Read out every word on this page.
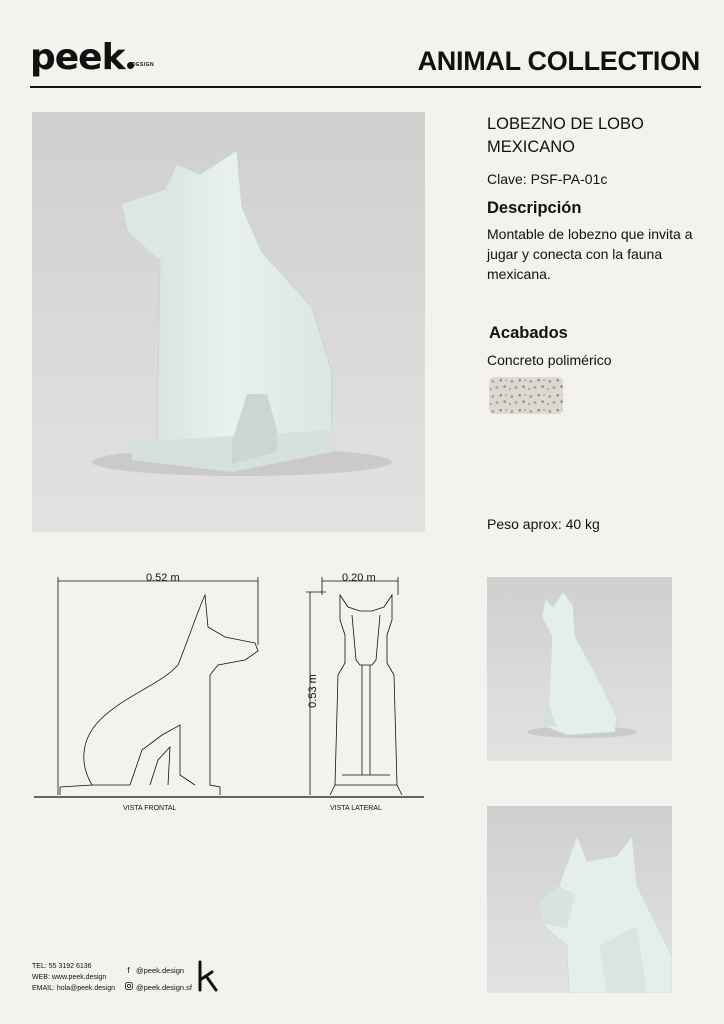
peek	DESIGN	ANIMAL COLLECTION
LOBEZNO DE LOBO MEXICANO
Clave: PSF-PA-01c
Descripción
Montable de lobezno que invita a jugar y conecta con la fauna mexicana.
Acabados
Concreto polimérico
Peso aprox: 40 kg
0.52 m	0.20 m
0.53 m
VISTA FRONTAL	VISTA LATERAL
TEL: 55 3192 6136
WEB: www.peek.design
EMAIL: hola@peek.design
f @peek.design
@peek.design.sf
